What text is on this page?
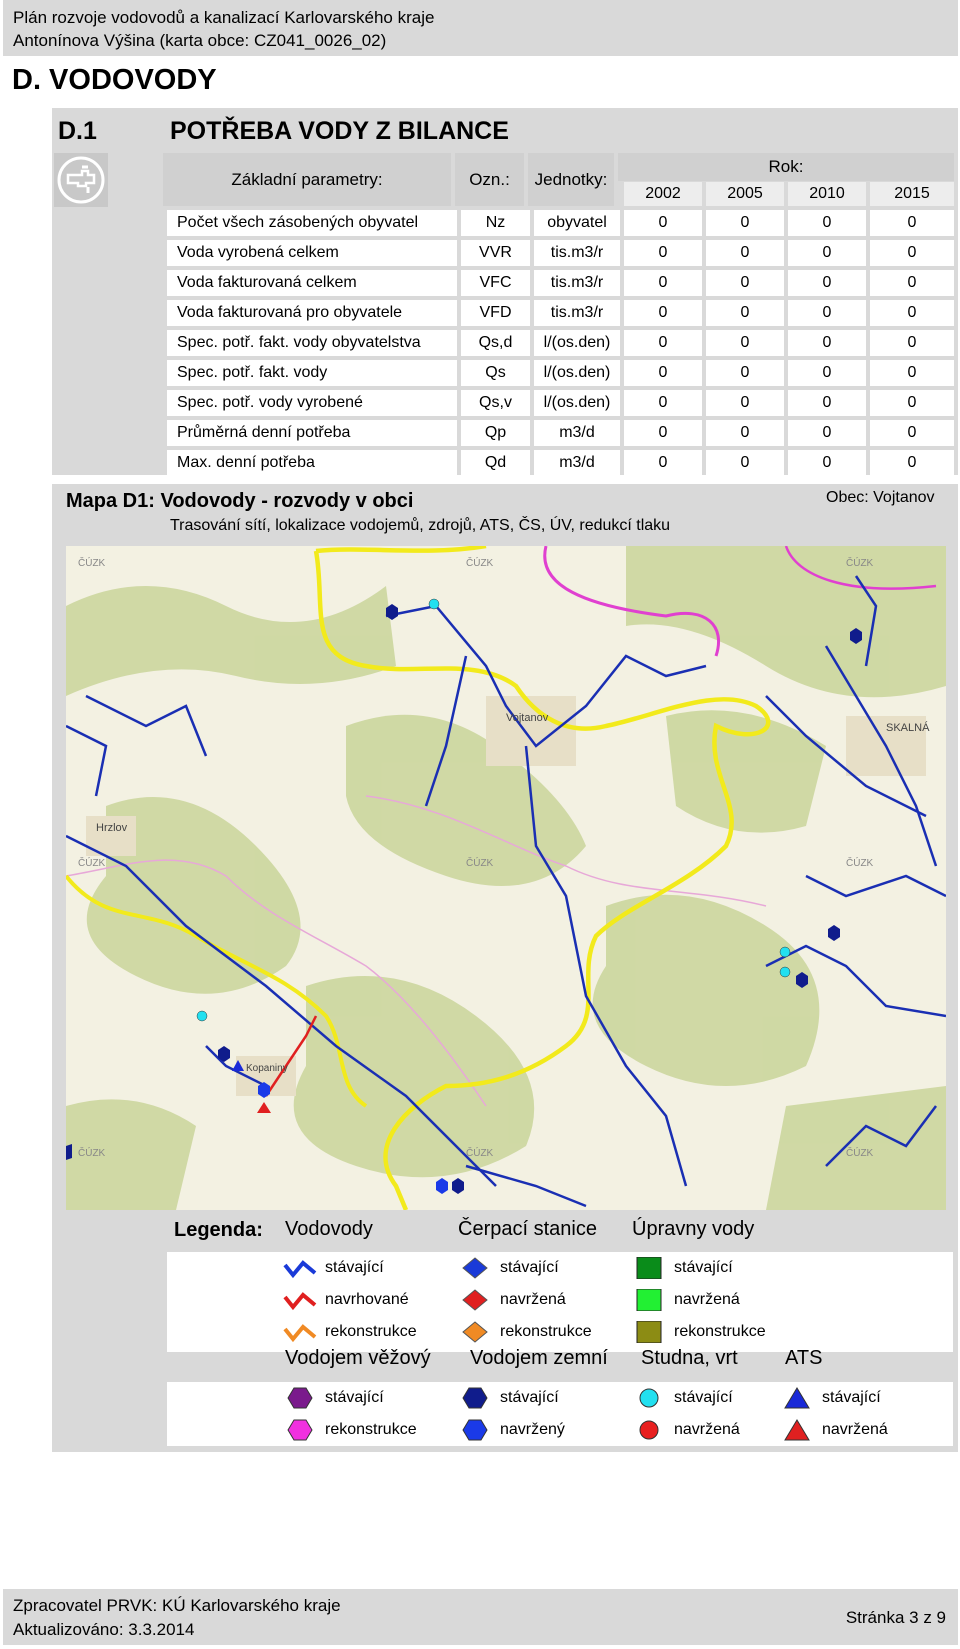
Plán rozvoje vodovodů a kanalizací Karlovarského kraje
Antonínova Výšina (karta obce: CZ041_0026_02)
D. VODOVODY
D.1	POTŘEBA VODY Z BILANCE
Základní parametry:	Ozn.:	Jednotky:
Rok:
2002	2005	2010	2015
Počet všech zásobených obyvatel	Nz	obyvatel	0	0	0	0
Voda vyrobená celkem	VVR	tis.m3/r	0	0	0	0
Voda fakturovaná celkem	VFC	tis.m3/r	0	0	0	0
Voda fakturovaná pro obyvatele	VFD	tis.m3/r	0	0	0	0
Spec. potř. fakt. vody obyvatelstva	Qs,d	l/(os.den)	0	0	0	0
Spec. potř. fakt. vody	Qs	l/(os.den)	0	0	0	0
Spec. potř. vody vyrobené	Qs,v	l/(os.den)	0	0	0	0
Průměrná denní potřeba	Qp	m3/d	0	0	0	0
Max. denní potřeba	Qd	m3/d	0	0	0	0
Mapa D1: Vodovody - rozvody v obci
Trasování sítí, lokalizace vodojemů, zdrojů, ATS, ČS, ÚV, redukcí tlaku
Obec: Vojtanov
Vojtanov
Hrzlov
SKALNÁ
Kopaniny
ČÚZK	ČÚZK	ČÚZK
ČÚZK	ČÚZK	ČÚZK
ČÚZK	ČÚZK	ČÚZK
Legenda: Vodovody
stávající
navrhované
rekonstrukce
Čerpací stanice
stávající
navržená
rekonstrukce
Úpravny vody
stávající
navržená
rekonstrukce
Vodojem věžový
stávající
rekonstrukce
Vodojem zemní
stávající
navržený
Studna, vrt
stávající
navržená
ATS
stávající
navržená
Zpracovatel PRVK: KÚ Karlovarského kraje
Aktualizováno: 3.3.2014
Stránka 3 z 9
